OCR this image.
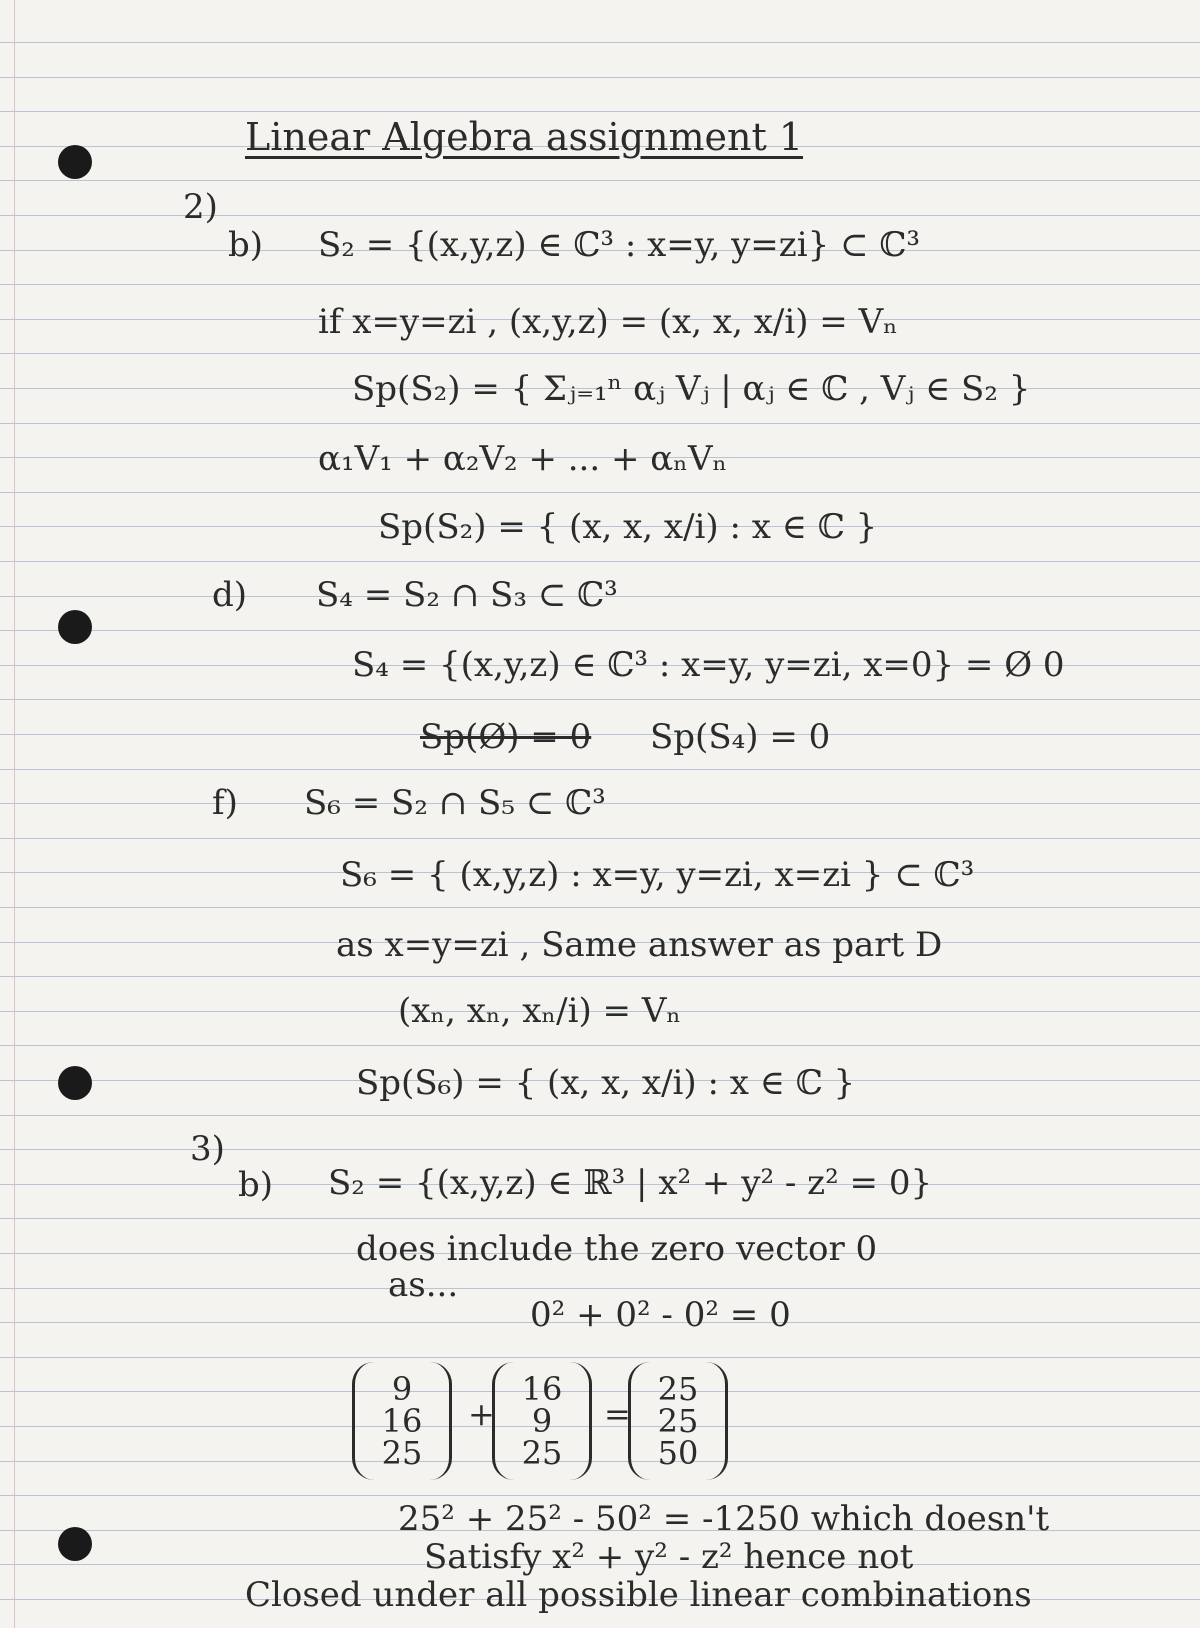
Linear Algebra assignment 1
2)
b) S₂ = {(x,y,z) ∈ ℂ³ : x=y, y=zi} ⊂ ℂ³
if x=y=zi , (x,y,z) = (x, x, x/i) = Vₙ
Sp(S₂) = { Σⱼ₌₁ⁿ αⱼ Vⱼ | αⱼ ∈ ℂ , Vⱼ ∈ S₂ }
α₁V₁ + α₂V₂ + ... + αₙVₙ
Sp(S₂) = { (x, x, x/i) : x ∈ ℂ }
d) S₄ = S₂ ∩ S₃ ⊂ ℂ³
S₄ = {(x,y,z) ∈ ℂ³ : x=y, y=zi, x=0} = Ø 0
Sp(Ø) = 0 Sp(S₄) = 0
f) S₆ = S₂ ∩ S₅ ⊂ ℂ³
S₆ = { (x,y,z) : x=y, y=zi, x=zi } ⊂ ℂ³
as x=y=zi , Same answer as part D
(xₙ, xₙ, xₙ/i) = Vₙ
Sp(S₆) = { (x, x, x/i) : x ∈ ℂ }
3)
b) S₂ = {(x,y,z) ∈ ℝ³ | x² + y² - z² = 0}
does include the zero vector 0
as...
0² + 0² - 0² = 0
9
16
25
+
16
9
25
=
25
25
50
25² + 25² - 50² = -1250 which doesn't
Satisfy x² + y² - z² hence not
Closed under all possible linear combinations
